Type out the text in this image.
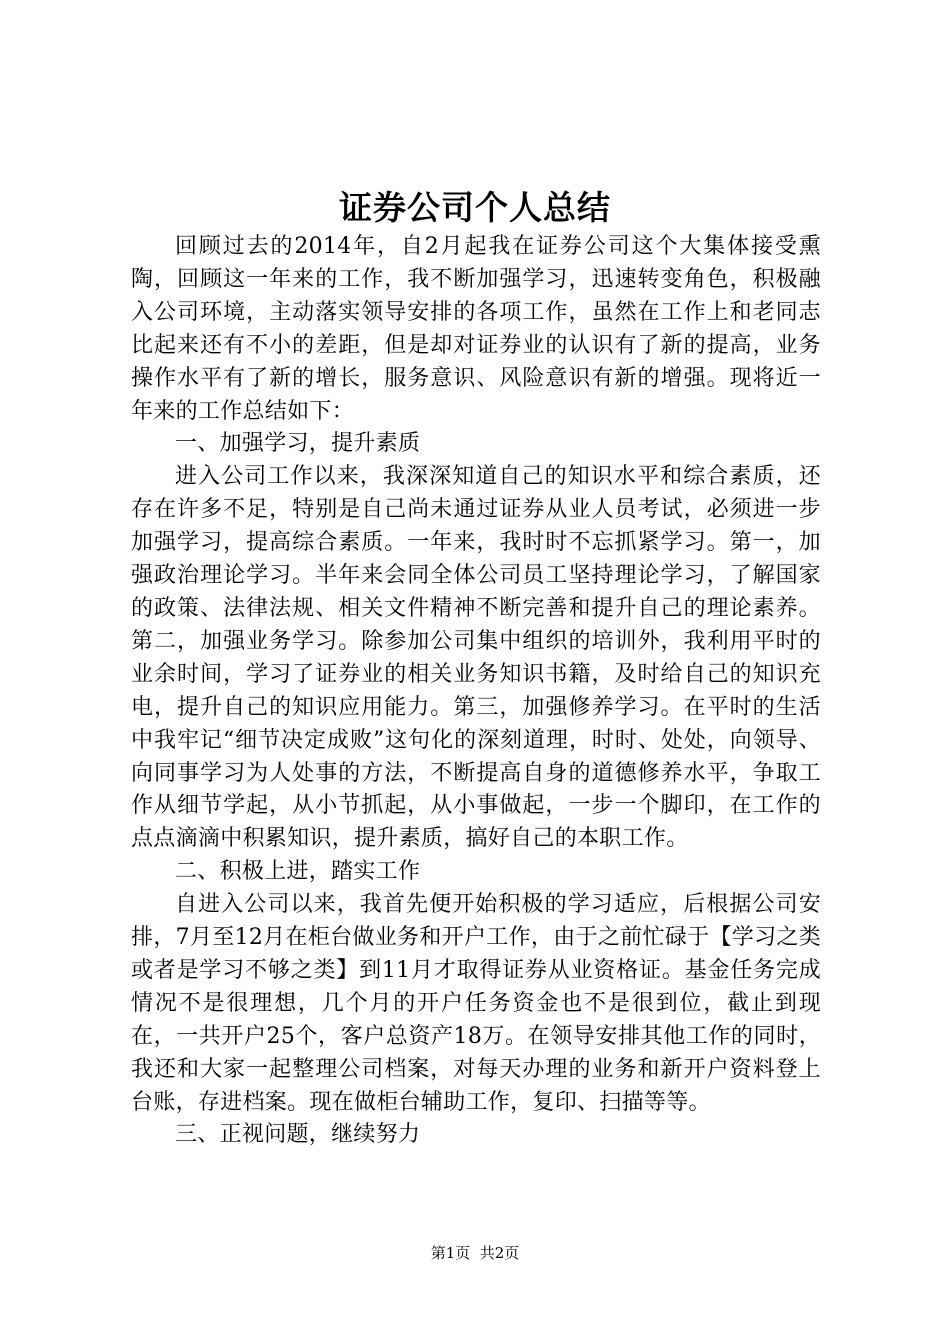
证券公司个人总结

回顾过去的2014年，自2月起我在证券公司这个大集体接受熏陶，回顾这一年来的工作，我不断加强学习，迅速转变角色，积极融入公司环境，主动落实领导安排的各项工作，虽然在工作上和老同志比起来还有不小的差距，但是却对证券业的认识有了新的提高，业务操作水平有了新的增长，服务意识、风险意识有新的增强。现将近一年来的工作总结如下：

一、加强学习，提升素质

进入公司工作以来，我深深知道自己的知识水平和综合素质，还存在许多不足，特别是自己尚未通过证券从业人员考试，必须进一步加强学习，提高综合素质。一年来，我时时不忘抓紧学习。第一，加强政治理论学习。半年来会同全体公司员工坚持理论学习，了解国家的政策、法律法规、相关文件精神不断完善和提升自己的理论素养。第二，加强业务学习。除参加公司集中组织的培训外，我利用平时的业余时间，学习了证券业的相关业务知识书籍，及时给自己的知识充电，提升自己的知识应用能力。第三，加强修养学习。在平时的生活中我牢记“细节决定成败”这句化的深刻道理，时时、处处，向领导、向同事学习为人处事的方法，不断提高自身的道德修养水平，争取工作从细节学起，从小节抓起，从小事做起，一步一个脚印，在工作的点点滴滴中积累知识，提升素质，搞好自己的本职工作。

二、积极上进，踏实工作

自进入公司以来，我首先便开始积极的学习适应，后根据公司安排，7月至12月在柜台做业务和开户工作，由于之前忙碌于【学习之类或者是学习不够之类】到11月才取得证券从业资格证。基金任务完成情况不是很理想，几个月的开户任务资金也不是很到位，截止到现在，一共开户25个，客户总资产18万。在领导安排其他工作的同时，我还和大家一起整理公司档案，对每天办理的业务和新开户资料登上台账，存进档案。现在做柜台辅助工作，复印、扫描等等。

三、正视问题，继续努力

第1页  共2页
